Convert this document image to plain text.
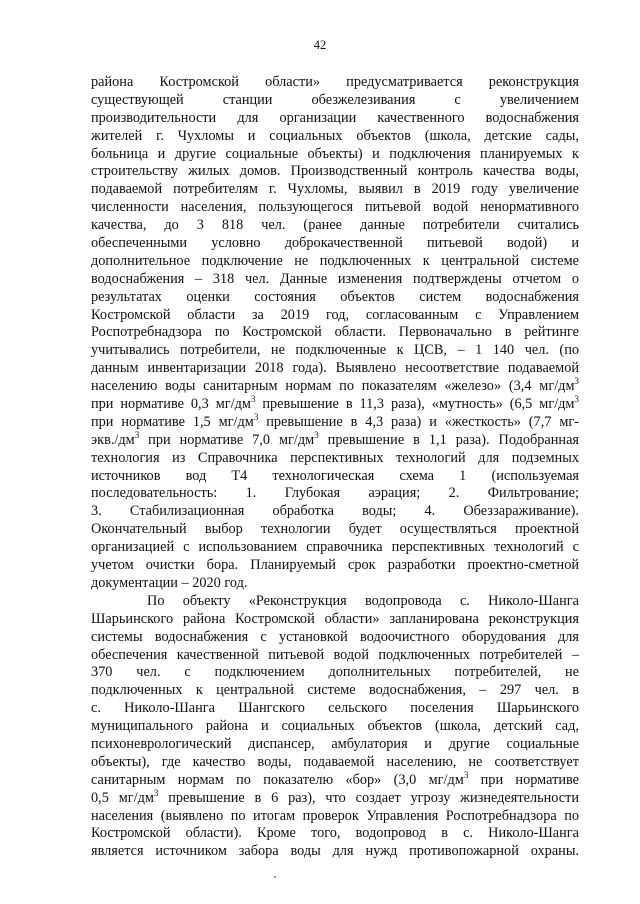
42
района Костромской области» предусматривается реконструкция
существующей станции обезжелезивания с увеличением
производительности для организации качественного водоснабжения
жителей г. Чухломы и социальных объектов (школа, детские сады,
больница и другие социальные объекты) и подключения планируемых к
строительству жилых домов. Производственный контроль качества воды,
подаваемой потребителям г. Чухломы, выявил в 2019 году увеличение
численности населения, пользующегося питьевой водой ненормативного
качества, до 3 818 чел. (ранее данные потребители считались
обеспеченными условно доброкачественной питьевой водой) и
дополнительное подключение не подключенных к центральной системе
водоснабжения – 318 чел. Данные изменения подтверждены отчетом о
результатах оценки состояния объектов систем водоснабжения
Костромской области за 2019 год, согласованным с Управлением
Роспотребнадзора по Костромской области. Первоначально в рейтинге
учитывались потребители, не подключенные к ЦСВ, – 1 140 чел. (по
данным инвентаризации 2018 года). Выявлено несоответствие подаваемой
населению воды санитарным нормам по показателям «железо» (3,4 $мг/дм^3$
при нормативе 0,3 $мг/дм^3$ превышение в 11,3 раза), «мутность» (6,5 $мг/дм^3$
при нормативе 1,5 $мг/дм^3$ превышение в 4,3 раза) и «жесткость» (7,7 мг-
$экв./дм^3$ при нормативе 7,0 $мг/дм^3$ превышение в 1,1 раза). Подобранная
технология из Справочника перспективных технологий для подземных
источников вод Т4 технологическая схема 1 (используемая
последовательность: 1. Глубокая аэрация; 2. Фильтрование;
3. Стабилизационная обработка воды; 4. Обеззараживание).
Окончательный выбор технологии будет осуществляться проектной
организацией с использованием справочника перспективных технологий с
учетом очистки бора. Планируемый срок разработки проектно-сметной
документации – 2020 год.
По объекту «Реконструкция водопровода с. Николо-Шанга
Шарьинского района Костромской области» запланирована реконструкция
системы водоснабжения с установкой водоочистного оборудования для
обеспечения качественной питьевой водой подключенных потребителей –
370 чел. с подключением дополнительных потребителей, не
подключенных к центральной системе водоснабжения, – 297 чел. в
с. Николо-Шанга Шангского сельского поселения Шарьинского
муниципального района и социальных объектов (школа, детский сад,
психоневрологический диспансер, амбулатория и другие социальные
объекты), где качество воды, подаваемой населению, не соответствует
санитарным нормам по показателю «бор» (3,0 $мг/дм^3$ при нормативе
0,5 $мг/дм^3$ превышение в 6 раз), что создает угрозу жизнедеятельности
населения (выявлено по итогам проверок Управления Роспотребнадзора по
Костромской области). Кроме того, водопровод в с. Николо-Шанга
является источником забора воды для нужд противопожарной охраны.
